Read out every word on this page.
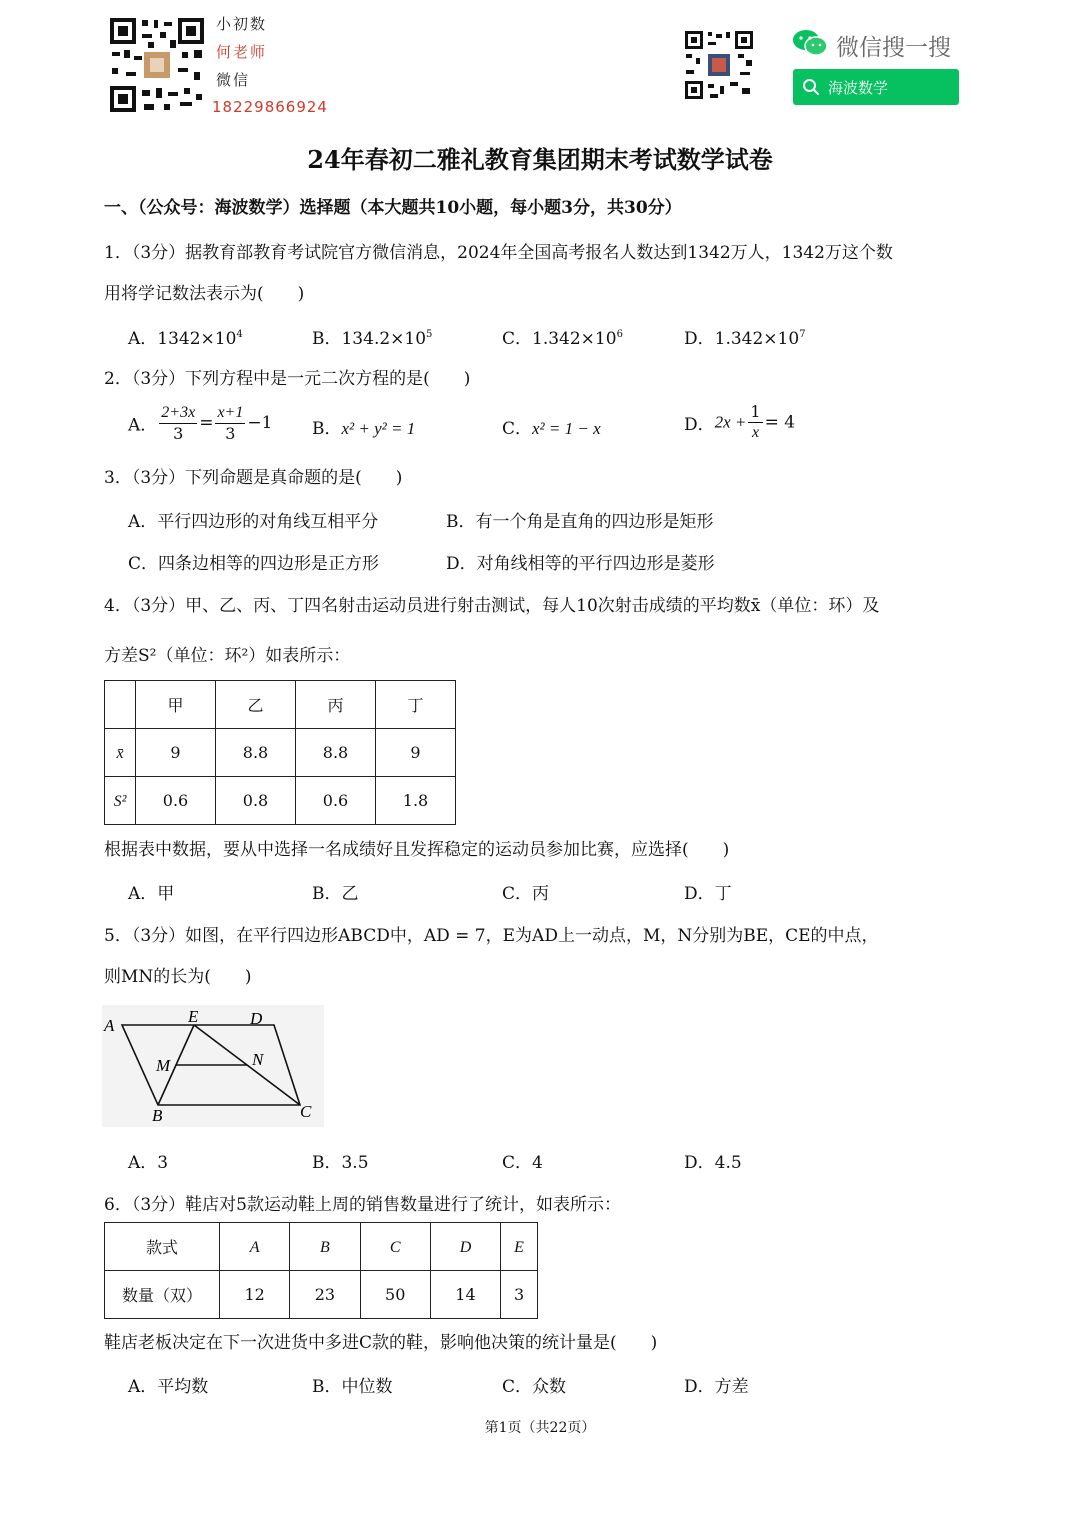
小初数
何老师
微信
18229866924
微信搜一搜
海波数学
24年春初二雅礼教育集团期末考试数学试卷
一、（公众号：海波数学）选择题（本大题共10小题，每小题3分，共30分）
1．（3分）据教育部教育考试院官方微信消息，2024年全国高考报名人数达到1342万人，1342万这个数
用将学记数法表示为(　　)
A．$1342\times 10^4$	B．$134.2\times 10^5$	C．$1.342\times 10^6$	D．$1.342\times 10^7$
2．（3分）下列方程中是一元二次方程的是(　　)
A． $\frac{2+3x}{3} = \frac{x+1}{3} -1$ B．x² + y² = 1	C．x² = 1 − x	D．$2x + \frac{1}{x} = 4$
3．（3分）下列命题是真命题的是(　　)
A．平行四边形的对角线互相平分	B．有一个角是直角的四边形是矩形
C．四条边相等的四边形是正方形	D．对角线相等的平行四边形是菱形
4．（3分）甲、乙、丙、丁四名射击运动员进行射击测试，每人10次射击成绩的平均数x̄（单位：环）及
方差S²（单位：环²）如表所示：
	甲	乙	丙	丁
x̄	9	8.8	8.8	9
S²	0.6	0.8	0.6	1.8
根据表中数据，要从中选择一名成绩好且发挥稳定的运动员参加比赛，应选择(　　)
A．甲	B．乙	C．丙	D．丁
5．（3分）如图，在平行四边形ABCD中，AD = 7，E为AD上一动点，M，N分别为BE，CE的中点，
则MN的长为(　　)
A	E	D
M	N
B	C
A．3	B．3.5	C．4	D．4.5
6．（3分）鞋店对5款运动鞋上周的销售数量进行了统计，如表所示：
款式	A	B	C	D	E
数量（双）	12	23	50	14	3
鞋店老板决定在下一次进货中多进C款的鞋，影响他决策的统计量是(　　)
A．平均数	B．中位数	C．众数	D．方差
第1页（共22页）
